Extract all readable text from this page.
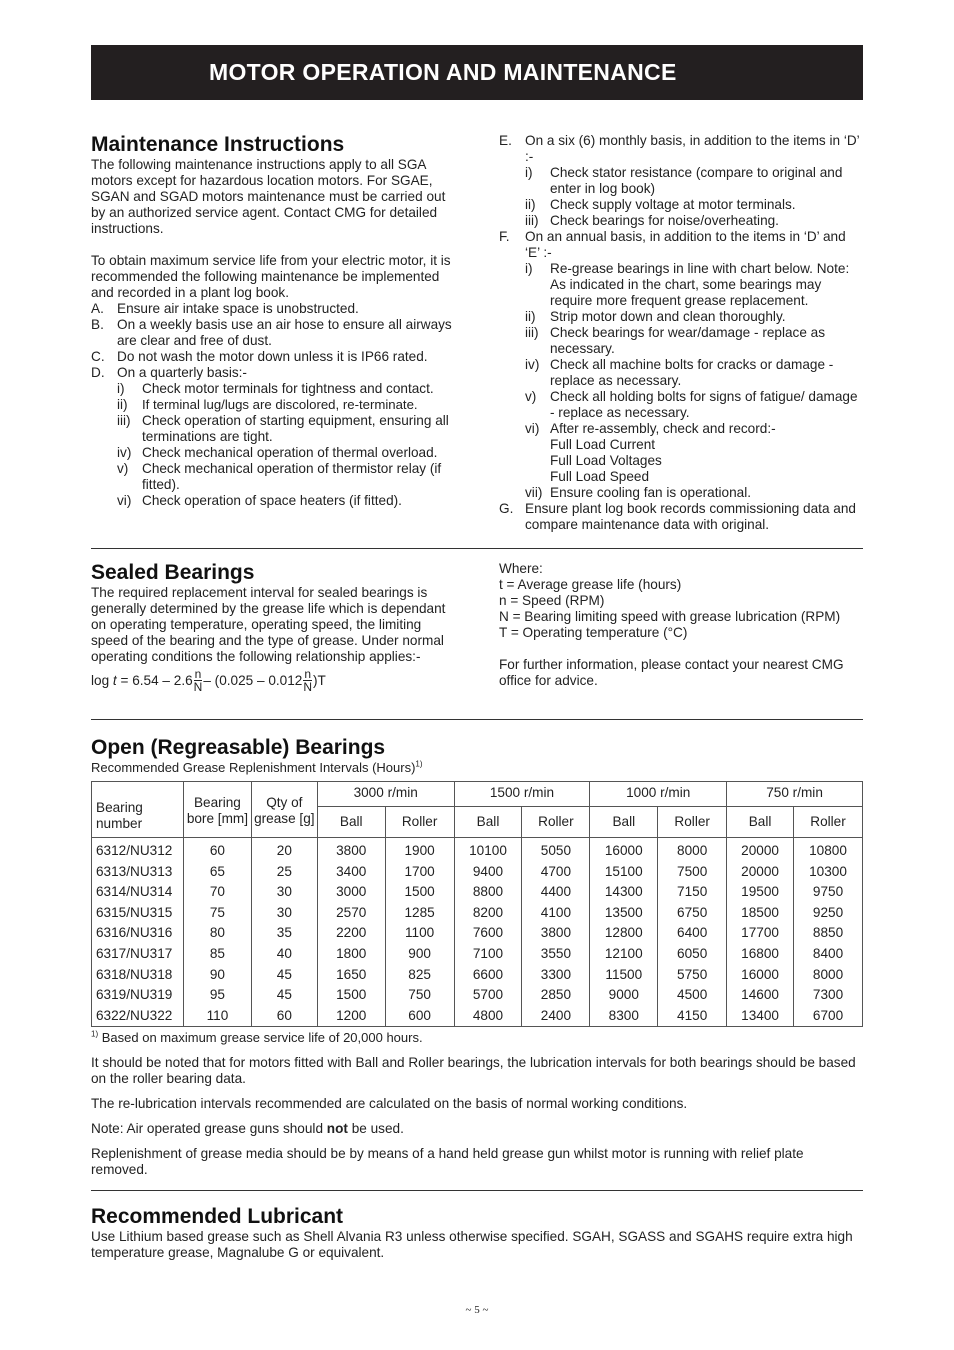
MOTOR OPERATION AND MAINTENANCE
Maintenance Instructions

The following maintenance instructions apply to all SGA motors except for hazardous location motors. For SGAE, SGAN and SGAD motors maintenance must be carried out by an authorized service agent. Contact CMG for detailed instructions.

To obtain maximum service life from your electric motor, it is recommended the following maintenance be implemented and recorded in a plant log book.

A. Ensure air intake space is unobstructed.
B. On a weekly basis use an air hose to ensure all airways are clear and free of dust.
C. Do not wash the motor down unless it is IP66 rated.
D. On a quarterly basis:-
i)	Check motor terminals for tightness and contact.
ii)	If terminal lug/lugs are discolored, re-terminate.
iii) Check operation of starting equipment, ensuring all terminations are tight.
iv) Check mechanical operation of thermal overload.
v)	Check mechanical operation of thermistor relay (if fitted).
vi) Check operation of space heaters (if fitted).
E. On a six (6) monthly basis, in addition to the items in ‘D’ :-
i)	Check stator resistance (compare to original and enter in log book)
ii)	Check supply voltage at motor terminals.
iii) Check bearings for noise/overheating.
F.	On an annual basis, in addition to the items in ‘D’ and ‘E’ :-
i)	Re-grease bearings in line with chart below. Note: As indicated in the chart, some bearings may require more frequent grease replacement.
ii)	Strip motor down and clean thoroughly.
iii) Check bearings for wear/damage - replace as necessary.
iv) Check all machine bolts for cracks or damage - replace as necessary.
v)	Check all holding bolts for signs of fatigue/ damage - replace as necessary.
vi) After re-assembly, check and record:-
Full Load Current
Full Load Voltages
Full Load Speed
vii) Ensure cooling fan is operational.
G. Ensure plant log book records commissioning data and compare maintenance data with original.
Sealed Bearings

The required replacement interval for sealed bearings is generally determined by the grease life which is dependant on operating temperature, operating speed, the limiting speed of the bearing and the type of grease. Under normal operating conditions the following relationship applies:-

log
t
= $6.54 - 2.6 \frac{n}{N} - (0.025 - 0.012 \frac{n}{N} )T$

Where:

t = Average grease life (hours)

n = Speed (RPM)

N = Bearing limiting speed with grease lubrication (RPM)

T = Operating temperature (°C)

For further information, please contact your nearest CMG office for advice.

Open (Regreasable) Bearings

Recommended Grease Replenishment Intervals (Hours)$^{1)}$

Bearing number	Bearing bore [mm]	Qty of grease [g]	3000 r/min		1500 r/min		1000 r/min		750 r/min	
			Ball	Roller	Ball	Roller	Ball	Roller	Ball	Roller
6312/NU312	60	20	3800	1900	10100	5050	16000	8000	20000	10800
6313/NU313	65	25	3400	1700	9400	4700	15100	7500	20000	10300
6314/NU314	70	30	3000	1500	8800	4400	14300	7150	19500	9750
6315/NU315	75	30	2570	1285	8200	4100	13500	6750	18500	9250
6316/NU316	80	35	2200	1100	7600	3800	12800	6400	17700	8850
6317/NU317	85	40	1800	900	7100	3550	12100	6050	16800	8400
6318/NU318	90	45	1650	825	6600	3300	11500	5750	16000	8000
6319/NU319	95	45	1500	750	5700	2850	9000	4500	14600	7300
6322/NU322	110	60	1200	600	4800	2400	8300	4150	13400	6700

$^{1)}$ Based on maximum grease service life of 20,000 hours.

It should be noted that for motors fitted with Ball and Roller bearings, the lubrication intervals for both bearings should be based on the roller bearing data.

The re-lubrication intervals recommended are calculated on the basis of normal working conditions.

Note: Air operated grease guns should not be used.

Replenishment of grease media should be by means of a hand held grease gun whilst motor is running with relief plate removed.

Recommended Lubricant

Use Lithium based grease such as Shell Alvania R3 unless otherwise specified. SGAH, SGASS and SGAHS require extra high temperature grease, Magnalube G or equivalent.

~ 5 ~
